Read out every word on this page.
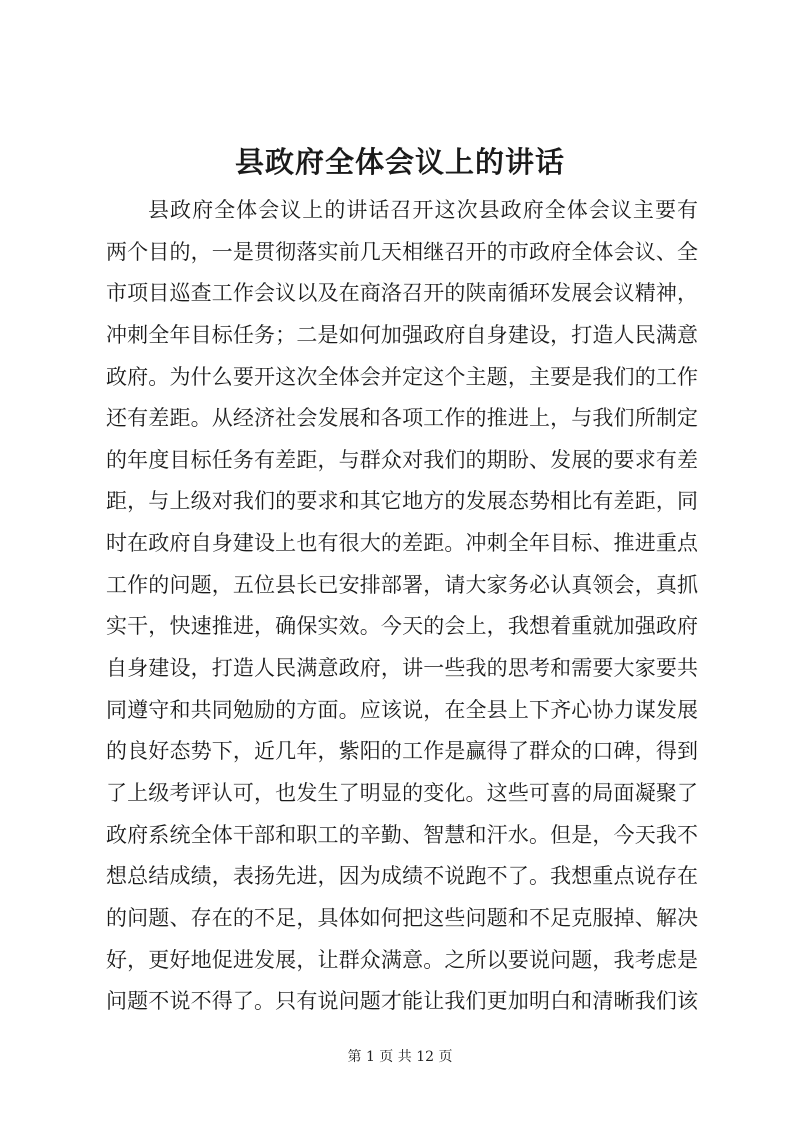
县政府全体会议上的讲话
县政府全体会议上的讲话召开这次县政府全体会议主要有
两个目的，一是贯彻落实前几天相继召开的市政府全体会议、全
市项目巡查工作会议以及在商洛召开的陕南循环发展会议精神，
冲刺全年目标任务；二是如何加强政府自身建设，打造人民满意
政府。为什么要开这次全体会并定这个主题，主要是我们的工作
还有差距。从经济社会发展和各项工作的推进上，与我们所制定
的年度目标任务有差距，与群众对我们的期盼、发展的要求有差
距，与上级对我们的要求和其它地方的发展态势相比有差距，同
时在政府自身建设上也有很大的差距。冲刺全年目标、推进重点
工作的问题，五位县长已安排部署，请大家务必认真领会，真抓
实干，快速推进，确保实效。今天的会上，我想着重就加强政府
自身建设，打造人民满意政府，讲一些我的思考和需要大家要共
同遵守和共同勉励的方面。应该说，在全县上下齐心协力谋发展
的良好态势下，近几年，紫阳的工作是赢得了群众的口碑，得到
了上级考评认可，也发生了明显的变化。这些可喜的局面凝聚了
政府系统全体干部和职工的辛勤、智慧和汗水。但是，今天我不
想总结成绩，表扬先进，因为成绩不说跑不了。我想重点说存在
的问题、存在的不足，具体如何把这些问题和不足克服掉、解决
好，更好地促进发展，让群众满意。之所以要说问题，我考虑是
问题不说不得了。只有说问题才能让我们更加明白和清晰我们该
第 1 页 共 12 页
